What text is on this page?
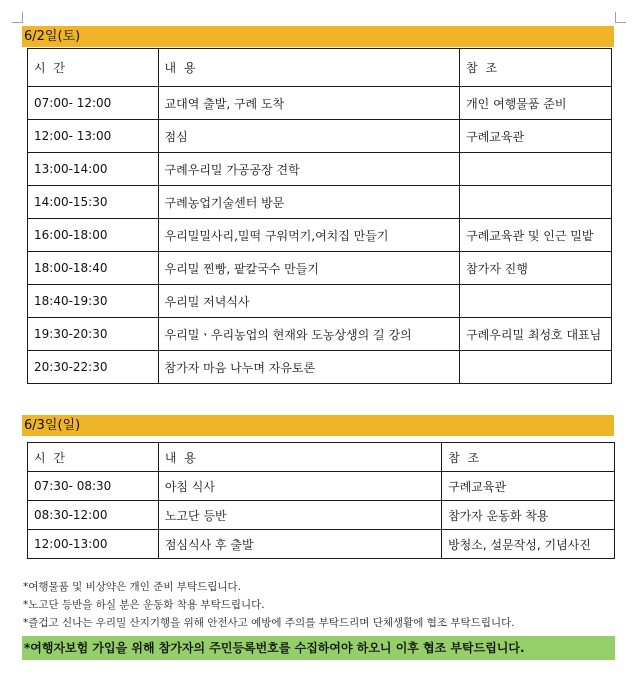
6/2일(토)
시 간	내 용	참 조
07:00- 12:00	교대역 출발, 구례 도착	개인 여행물품 준비
12:00- 13:00	점심	구례교육관
13:00-14:00	구례우리밀 가공공장 견학	
14:00-15:30	구례농업기술센터 방문	
16:00-18:00	우리밀밀사리,밀떡 구워먹기,여치집 만들기	구례교육관 및 인근 밀밭
18:00-18:40	우리밀 찐빵, 팥칼국수 만들기	참가자 진행
18:40-19:30	우리밀 저녁식사	
19:30-20:30	우리밀ㆍ우리농업의 현재와 도농상생의 길 강의	구례우리밀 최성호 대표님
20:30-22:30	참가자 마음 나누며 자유토론	
6/3일(일)
시 간	내 용	참 조
07:30- 08:30	아침 식사	구례교육관
08:30-12:00	노고단 등반	참가자 운동화 착용
12:00-13:00	점심식사 후 출발	방청소, 설문작성, 기념사진
*여행물품 및 비상약은 개인 준비 부탁드립니다.
*노고단 등반을 하실 분은 운동화 착용 부탁드립니다.
*즐겁고 신나는 우리밀 산지기행을 위해 안전사고 예방에 주의를 부탁드리며 단체생활에 협조 부탁드립니다.
*여행자보험 가입을 위해 참가자의 주민등록번호를 수집하여야 하오니 이후 협조 부탁드립니다.
